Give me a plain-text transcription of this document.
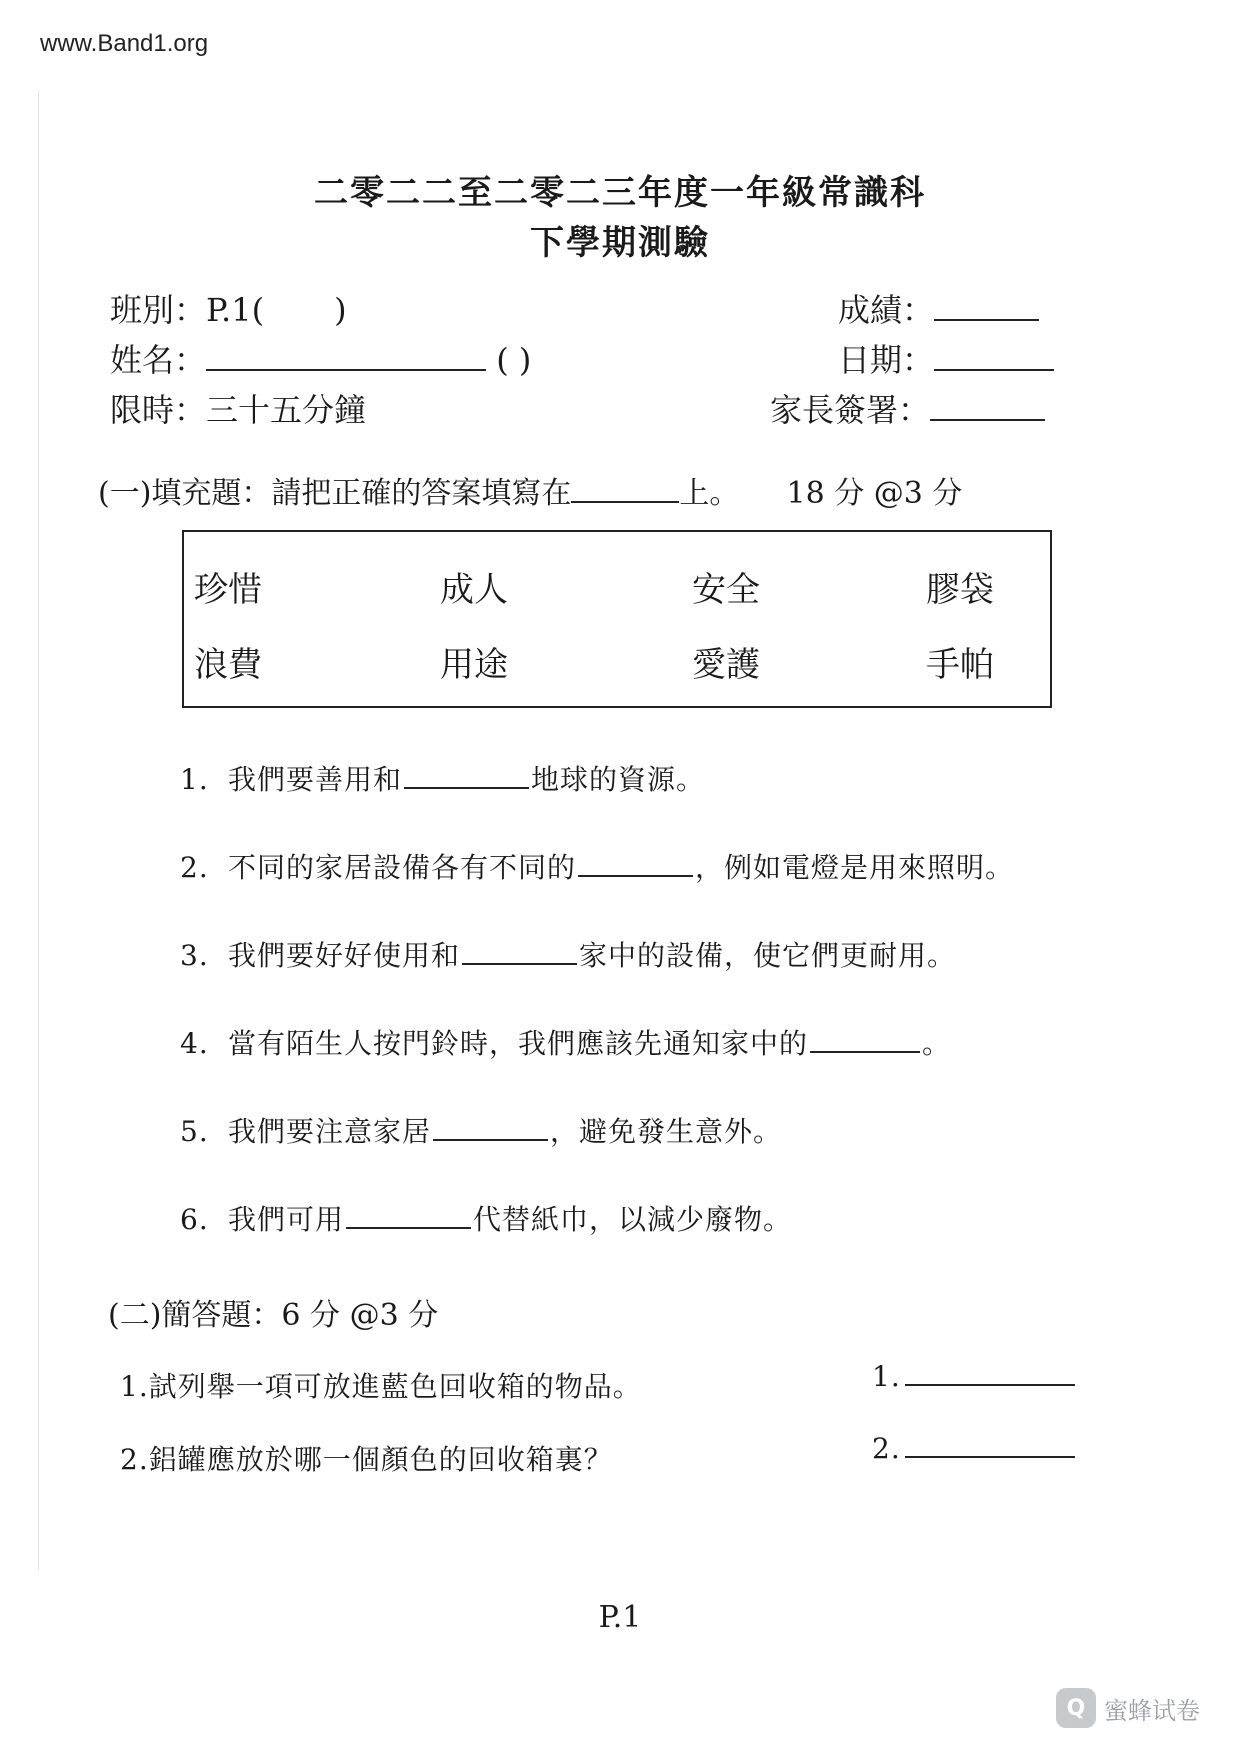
www.Band1.org
二零二二至二零二三年度一年級常識科
下學期測驗
班別：P.1( )
姓名：	( )
限時：三十五分鐘
成績：
日期：
家長簽署：
(一)填充題：請把正確的答案填寫在	上。 18 分 @3 分
珍惜	成人	安全	膠袋
浪費	用途	愛護	手帕
1. 我們要善用和	地球的資源。
2. 不同的家居設備各有不同的	，例如電燈是用來照明。
3. 我們要好好使用和	家中的設備，使它們更耐用。
4. 當有陌生人按門鈴時，我們應該先通知家中的	。
5. 我們要注意家居	，避免發生意外。
6. 我們可用	代替紙巾，以減少廢物。
(二)簡答題：6 分 @3 分
1.試列舉一項可放進藍色回收箱的物品。	1.
2.鋁罐應放於哪一個顏色的回收箱裏？	2.
P.1
Q 蜜蜂试卷
